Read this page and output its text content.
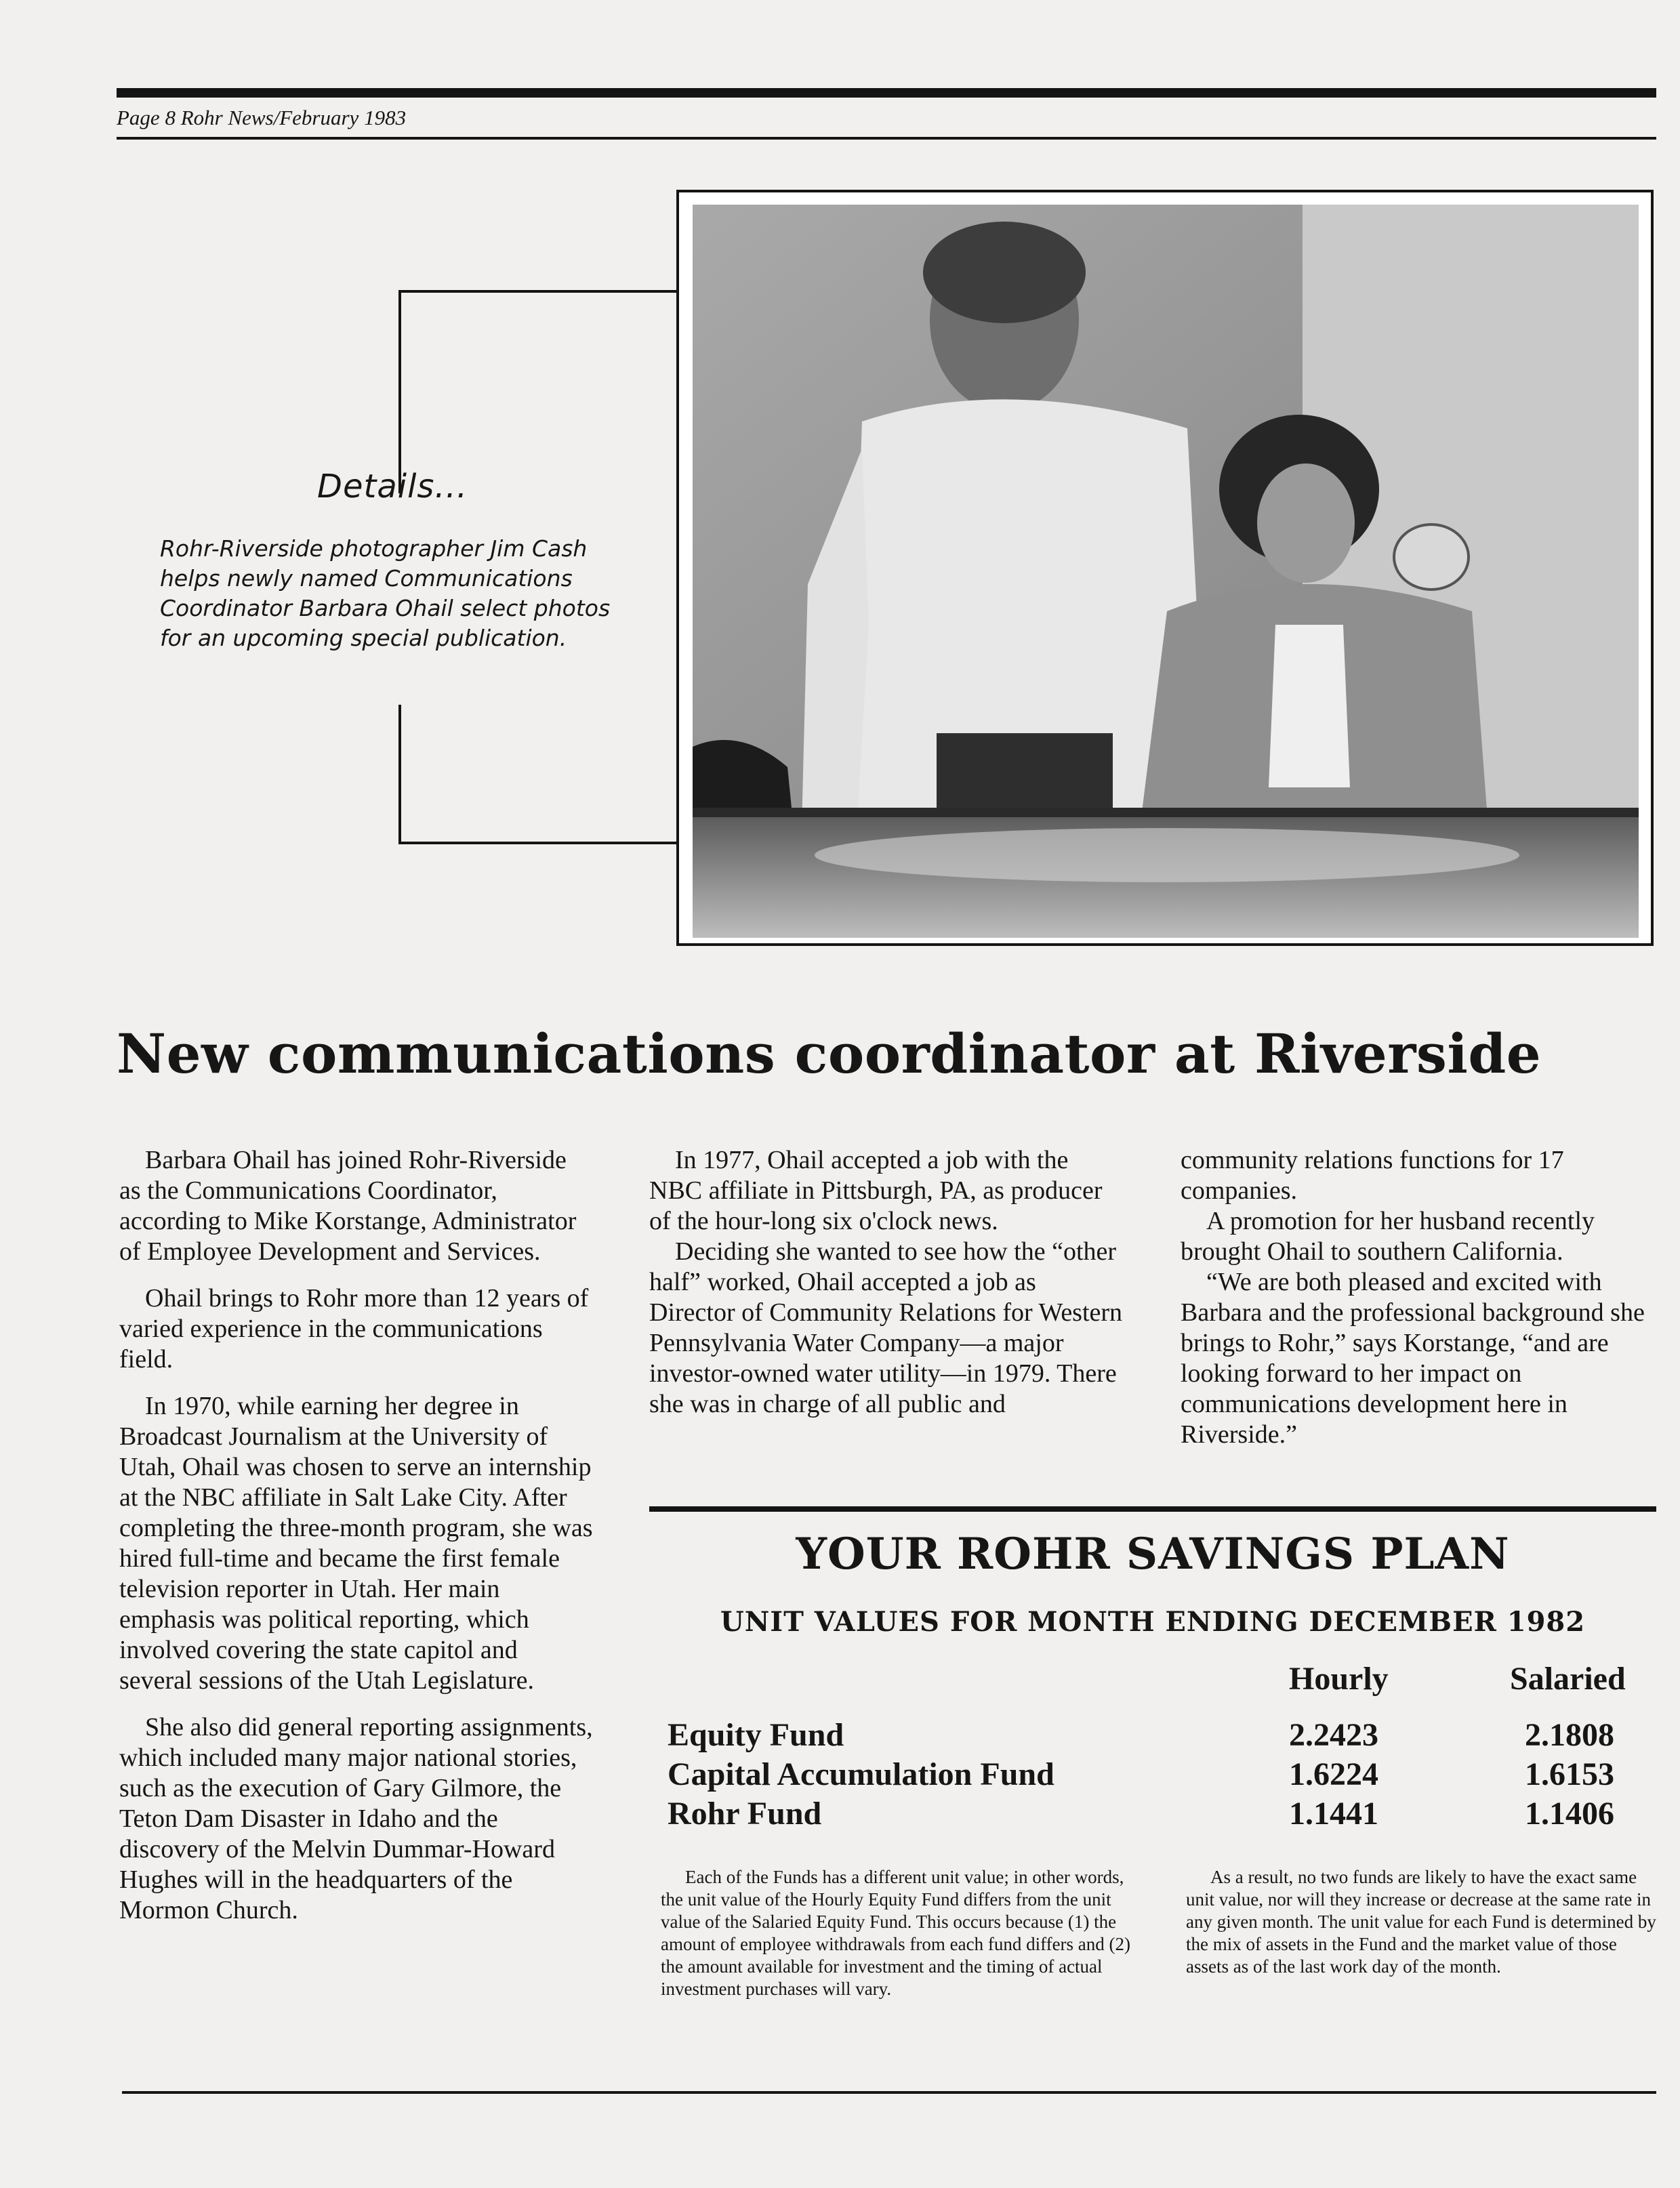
Page 8 Rohr News/February 1983
Details...
Rohr-Riverside photographer Jim Cash helps newly named Communications Coordinator Barbara Ohail select photos for an upcoming special publication.
New communications coordinator at Riverside

Barbara Ohail has joined Rohr-Riverside as the Communications Coordinator, according to Mike Korstange, Administrator of Employee Development and Services.

Ohail brings to Rohr more than 12 years of varied experience in the communications field.

In 1970, while earning her degree in Broadcast Journalism at the University of Utah, Ohail was chosen to serve an internship at the NBC affiliate in Salt Lake City. After completing the three-month program, she was hired full-time and became the first female television reporter in Utah. Her main emphasis was political reporting, which involved covering the state capitol and several sessions of the Utah Legislature.

She also did general reporting assignments, which included many major national stories, such as the execution of Gary Gilmore, the Teton Dam Disaster in Idaho and the discovery of the Melvin Dummar-Howard Hughes will in the headquarters of the Mormon Church.

In 1977, Ohail accepted a job with the NBC affiliate in Pittsburgh, PA, as producer of the hour-long six o'clock news.

Deciding she wanted to see how the “other half” worked, Ohail accepted a job as Director of Community Relations for Western Pennsylvania Water Company—a major investor-owned water utility—in 1979. There she was in charge of all public and

community relations functions for 17 companies.

A promotion for her husband recently brought Ohail to southern California.

“We are both pleased and excited with Barbara and the professional background she brings to Rohr,” says Korstange, “and are looking forward to her impact on communications development here in Riverside.”

YOUR ROHR SAVINGS PLAN
UNIT VALUES FOR MONTH ENDING DECEMBER 1982
Hourly	Salaried
Equity Fund	2.2423	2.1808
Capital Accumulation Fund	1.6224	1.6153
Rohr Fund	1.1441	1.1406
Each of the Funds has a different unit value; in other words, the unit value of the Hourly Equity Fund differs from the unit value of the Salaried Equity Fund. This occurs because (1) the amount of employee withdrawals from each fund differs and (2) the amount available for investment and the timing of actual investment purchases will vary.
As a result, no two funds are likely to have the exact same unit value, nor will they increase or decrease at the same rate in any given month. The unit value for each Fund is determined by the mix of assets in the Fund and the market value of those assets as of the last work day of the month.
